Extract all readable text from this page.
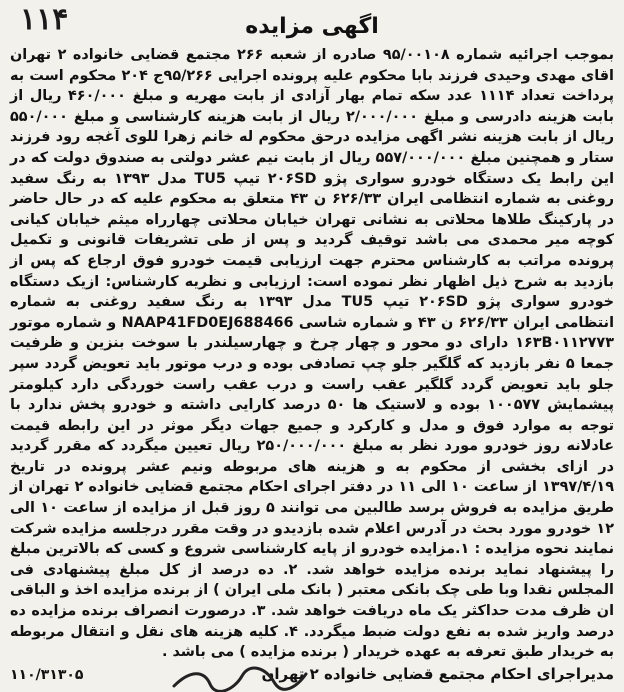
۱۱۴	اگهی مزایده
بموجب اجرائیه شماره ۹۵/۰۰۱۰۸ صادره از شعبه ۲۶۶ مجتمع قضایی خانواده ۲ تهران اقای مهدی وحیدی فرزند بابا محکوم علیه پرونده اجرایی ۹۵/۲۶۶ج ۲۰۴ محکوم است به پرداخت تعداد ۱۱۱۴ عدد سکه تمام بهار آزادی از بابت مهریه و مبلغ ۴۶۰/۰۰۰ ریال از بابت هزینه دادرسی و مبلغ ۲/۰۰۰/۰۰۰ ریال از بابت هزینه کارشناسی و مبلغ ۵۵۰/۰۰۰ ریال از بابت هزینه نشر اگهی مزایده درحق محکوم له خانم زهرا للوی آغجه رود فرزند ستار و همچنین مبلغ ۵۵۷/۰۰۰/۰۰۰ ریال از بابت نیم عشر دولتی به صندوق دولت که در این رابط یک دستگاه خودرو سواری پژو ۲۰۶SD تیپ TU5 مدل ۱۳۹۳ به رنگ سفید روغنی به شماره انتظامی ایران ۶۲۶/۳۳ ن ۴۳ متعلق به محکوم علیه که در حال حاضر در پارکینگ طلاها محلاتی به نشانی تهران خیابان محلاتی چهارراه میثم خیابان کیانی کوچه میر محمدی می باشد توقیف گردید و پس از طی تشریفات قانونی و تکمیل پرونده مراتب به کارشناس محترم جهت ارزیابی قیمت خودرو فوق ارجاع که پس از بازدید به شرح ذیل اظهار نظر نموده است: ارزیابی و نظریه کارشناس: ازیک دستگاه خودرو سواری پژو ۲۰۶SD تیپ TU5 مدل ۱۳۹۳ به رنگ سفید روغنی به شماره انتظامی ایران ۶۲۶/۳۳ ن ۴۳ و شماره شاسی NAAP41FD0EJ688466 و شماره موتور ۱۶۳B۰۱۱۲۷۷۳ دارای دو محور و چهار چرخ و چهارسیلندر با سوخت بنزین و ظرفیت جمعا ۵ نفر بازدید که گلگیر جلو چپ تصادفی بوده و درب موتور باید تعویض گردد سپر جلو باید تعویض گردد گلگیر عقب راست و درب عقب راست خوردگی دارد کیلومتر پیشمایش ۱۰۰۵۷۷ بوده و لاستیک ها ۵۰ درصد کارایی داشته و خودرو پخش ندارد با توجه به موارد فوق و مدل و کارکرد و جمیع جهات دیگر موثر در این رابطه قیمت عادلانه روز خودرو مورد نظر به مبلغ ۲۵۰/۰۰۰/۰۰۰ ریال تعیین میگردد که مقرر گردید در ازای بخشی از محکوم به و هزینه های مربوطه ونیم عشر پرونده در تاریخ ۱۳۹۷/۴/۱۹ از ساعت ۱۰ الی ۱۱ در دفتر اجرای احکام مجتمع قضایی خانواده ۲ تهران از طریق مزایده به فروش برسد طالبین می توانند ۵ روز قبل از مزایده از ساعت ۱۰ الی ۱۲ خودرو مورد بحث در آدرس اعلام شده بازدیدو در وقت مقرر درجلسه مزایده شرکت نمایند نحوه مزایده : ۱.مزایده خودرو از پایه کارشناسی شروع و کسی که بالاترین مبلغ را پیشنهاد نماید برنده مزایده خواهد شد. ۲. ده درصد از کل مبلغ پیشنهادی فی المجلس نقدا وبا طی چک بانکی معتبر ( بانک ملی ایران ) از برنده مزایده اخذ و الباقی ان ظرف مدت حداکثر یک ماه دریافت خواهد شد. ۳. درصورت انصراف برنده مزایده ده درصد واریز شده به نفع دولت ضبط میگردد. ۴. کلیه هزینه های نقل و انتقال مربوطه به خریدار طبق تعرفه به عهده خریدار ( برنده مزایده ) می باشد .
مدیراجرای احکام مجتمع قضایی خانواده ۲ تهران
۱۱۰/۳۱۳۰۵
